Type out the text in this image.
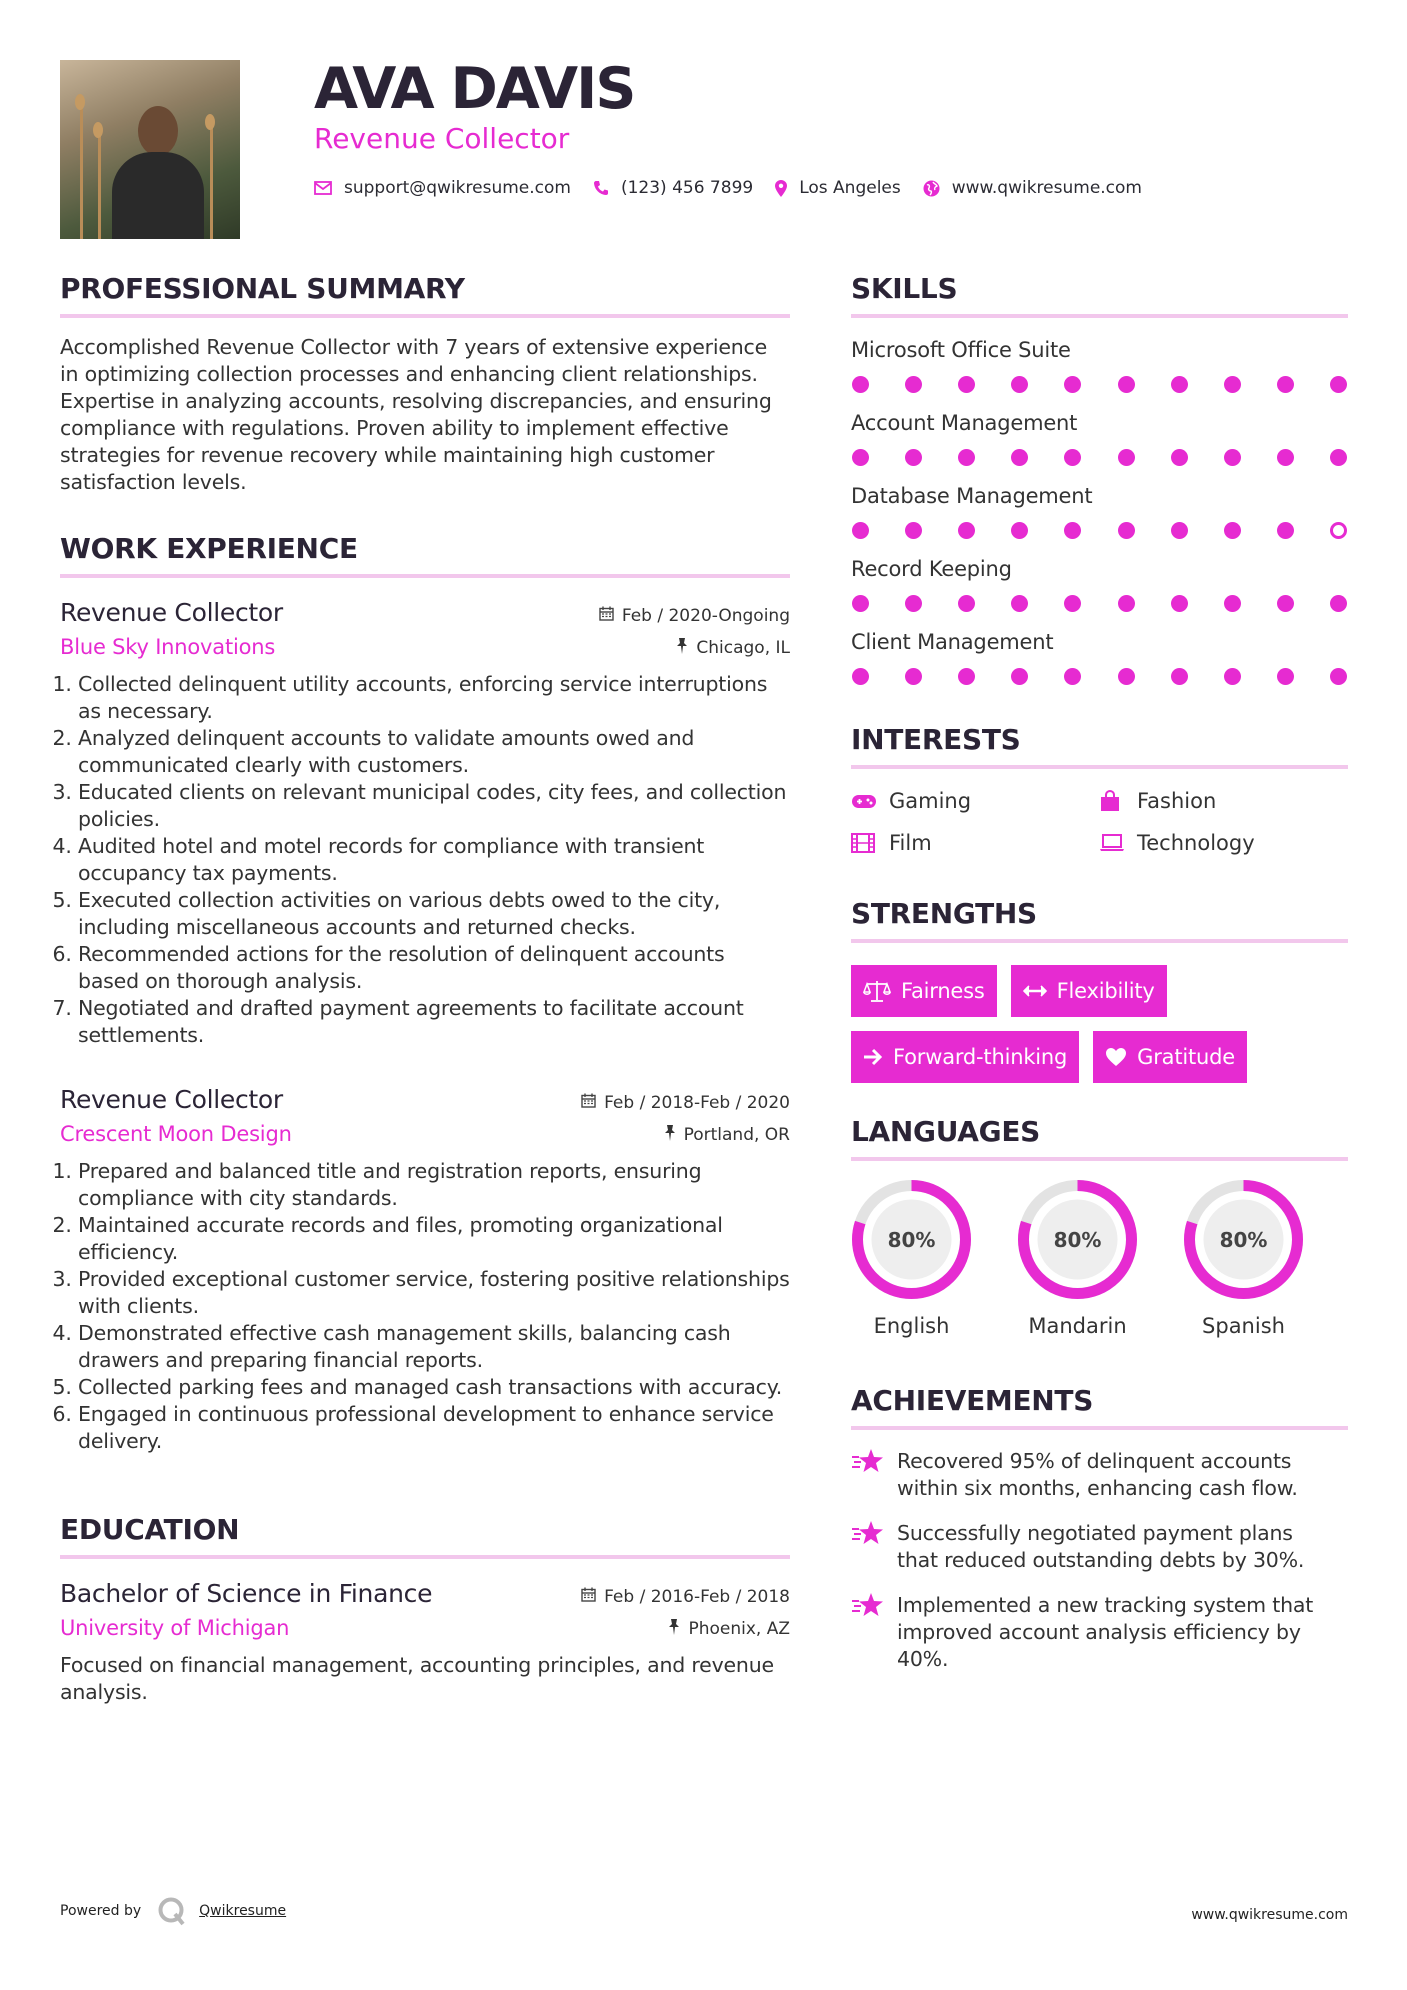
AVA DAVIS
Revenue Collector
support@qwikresume.com	(123) 456 7899	Los Angeles	www.qwikresume.com
PROFESSIONAL SUMMARY

Accomplished Revenue Collector with 7 years of extensive experience in optimizing collection processes and enhancing client relationships. Expertise in analyzing accounts, resolving discrepancies, and ensuring compliance with regulations. Proven ability to implement effective strategies for revenue recovery while maintaining high customer satisfaction levels.

WORK EXPERIENCE
Revenue Collector	Feb / 2020-Ongoing
Blue Sky Innovations	Chicago, IL
1. Collected delinquent utility accounts, enforcing service interruptions as necessary.
2. Analyzed delinquent accounts to validate amounts owed and communicated clearly with customers.
3. Educated clients on relevant municipal codes, city fees, and collection policies.
4. Audited hotel and motel records for compliance with transient occupancy tax payments.
5. Executed collection activities on various debts owed to the city, including miscellaneous accounts and returned checks.
6. Recommended actions for the resolution of delinquent accounts based on thorough analysis.
7. Negotiated and drafted payment agreements to facilitate account settlements.
Revenue Collector	Feb / 2018-Feb / 2020
Crescent Moon Design	Portland, OR
1. Prepared and balanced title and registration reports, ensuring compliance with city standards.
2. Maintained accurate records and files, promoting organizational efficiency.
3. Provided exceptional customer service, fostering positive relationships with clients.
4. Demonstrated effective cash management skills, balancing cash drawers and preparing financial reports.
5. Collected parking fees and managed cash transactions with accuracy.
6. Engaged in continuous professional development to enhance service delivery.
EDUCATION
Bachelor of Science in Finance	Feb / 2016-Feb / 2018
University of Michigan	Phoenix, AZ
Focused on financial management, accounting principles, and revenue analysis.
SKILLS
Microsoft Office Suite
Account Management
Database Management
Record Keeping
Client Management
INTERESTS
Gaming	Fashion
Film	Technology
STRENGTHS
Fairness	Flexibility
Forward-thinking	Gratitude
LANGUAGES
80%
English
80%
Mandarin
80%
Spanish
ACHIEVEMENTS
Recovered 95% of delinquent accounts within six months, enhancing cash flow.
Successfully negotiated payment plans that reduced outstanding debts by 30%.
Implemented a new tracking system that improved account analysis efficiency by 40%.
Powered by	Qwikresume	www.qwikresume.com
